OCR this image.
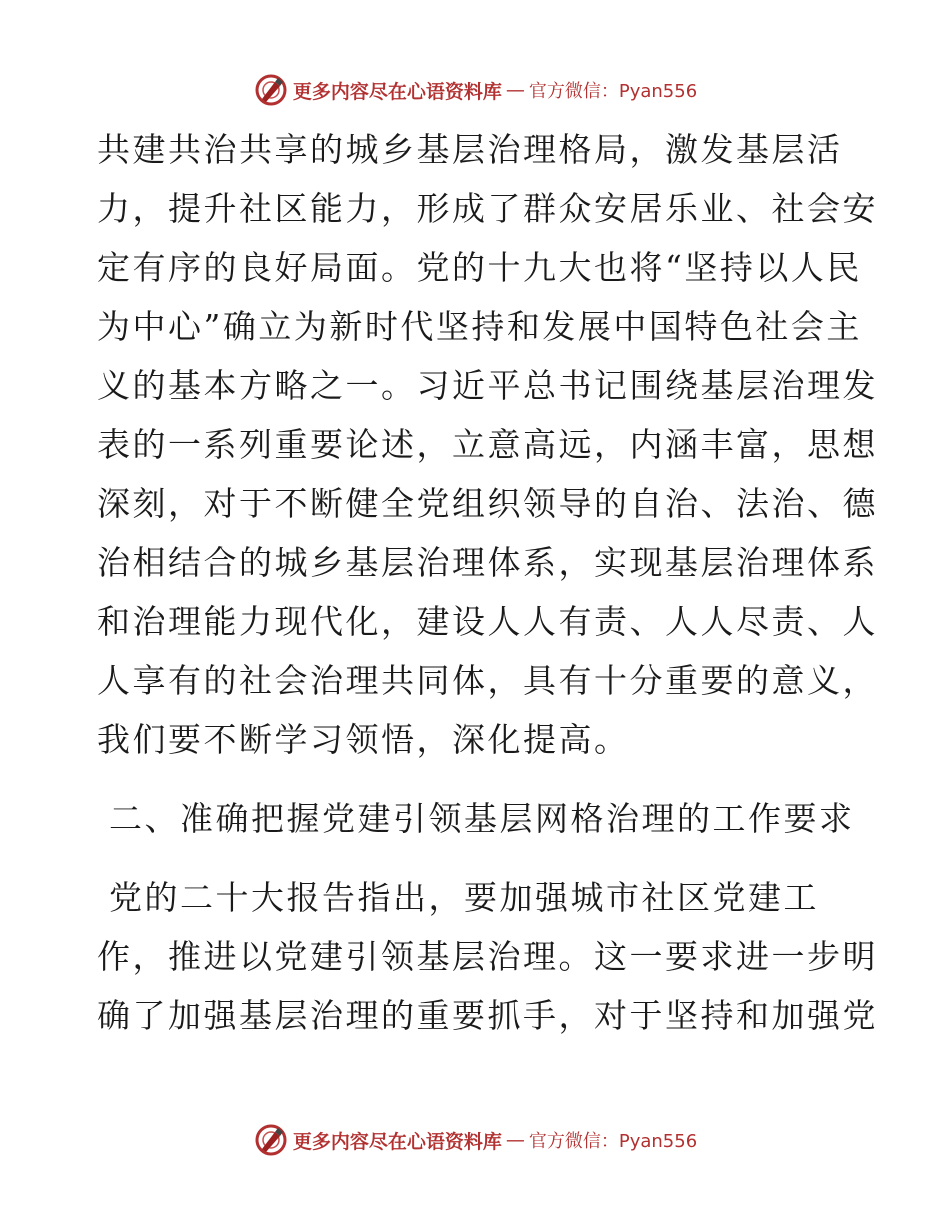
更多内容尽在心语资料库 — 官方微信：Pyan556
共建共治共享的城乡基层治理格局，激发基层活
力，提升社区能力，形成了群众安居乐业、社会安
定有序的良好局面。党的十九大也将“坚持以人民
为中心”确立为新时代坚持和发展中国特色社会主
义的基本方略之一。习近平总书记围绕基层治理发
表的一系列重要论述，立意高远，内涵丰富，思想
深刻，对于不断健全党组织领导的自治、法治、德
治相结合的城乡基层治理体系，实现基层治理体系
和治理能力现代化，建设人人有责、人人尽责、人
人享有的社会治理共同体，具有十分重要的意义，
我们要不断学习领悟，深化提高。
二、准确把握党建引领基层网格治理的工作要求
党的二十大报告指出，要加强城市社区党建工
作，推进以党建引领基层治理。这一要求进一步明
确了加强基层治理的重要抓手，对于坚持和加强党
更多内容尽在心语资料库 — 官方微信：Pyan556
